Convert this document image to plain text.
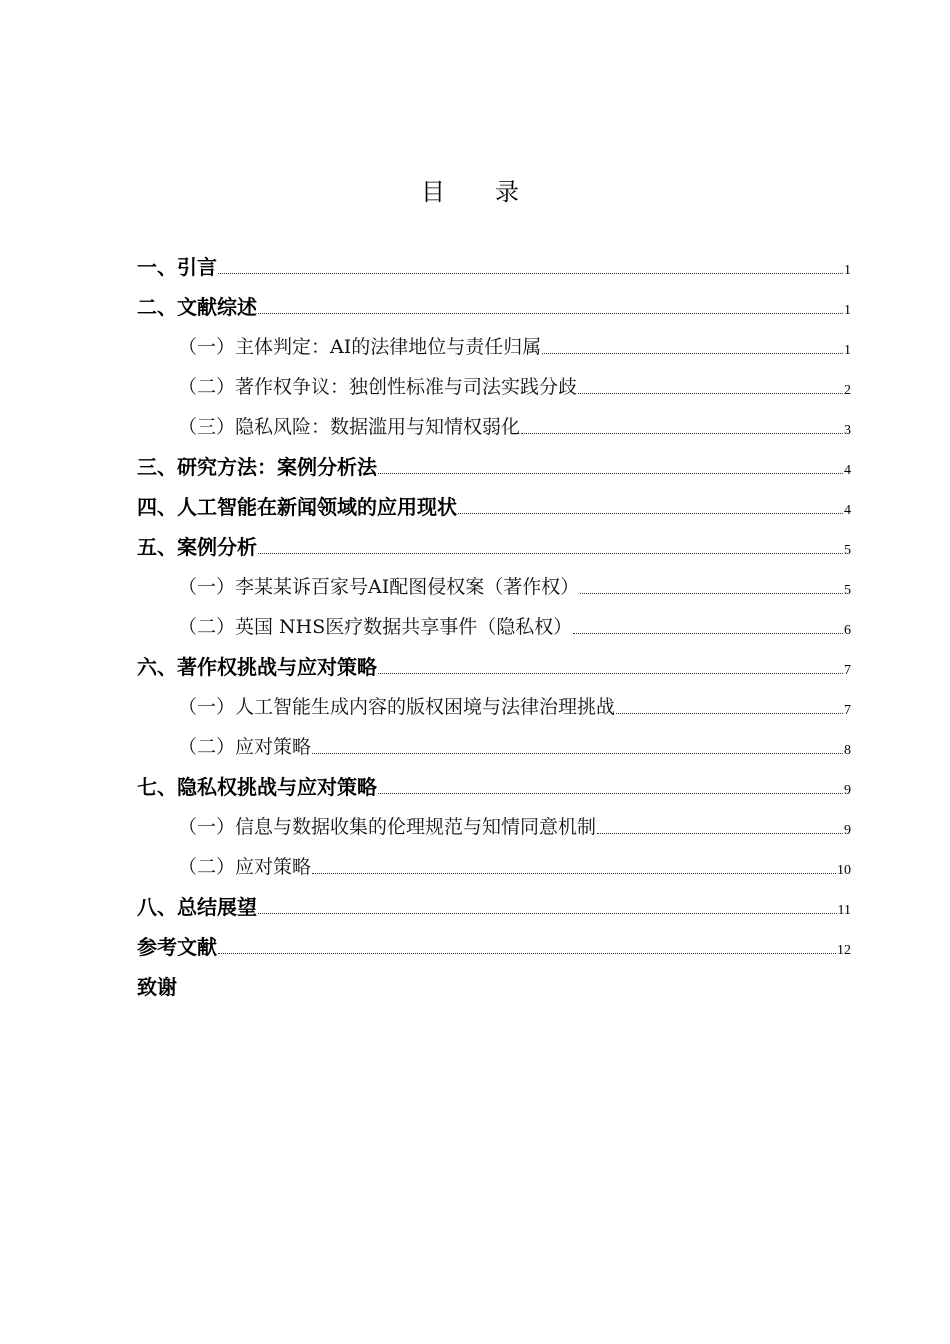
目录
一、引言	1
二、文献综述	1
（一）主体判定：AI的法律地位与责任归属	1
（二）著作权争议：独创性标准与司法实践分歧	2
（三）隐私风险：数据滥用与知情权弱化	3
三、研究方法：案例分析法	4
四、人工智能在新闻领域的应用现状	4
五、案例分析	5
（一）李某某诉百家号AI配图侵权案（著作权）	5
（二）英国 NHS医疗数据共享事件（隐私权）	6
六、著作权挑战与应对策略	7
（一）人工智能生成内容的版权困境与法律治理挑战	7
（二）应对策略	8
七、隐私权挑战与应对策略	9
（一）信息与数据收集的伦理规范与知情同意机制	9
（二）应对策略	10
八、总结展望	11
参考文献	12
致谢
